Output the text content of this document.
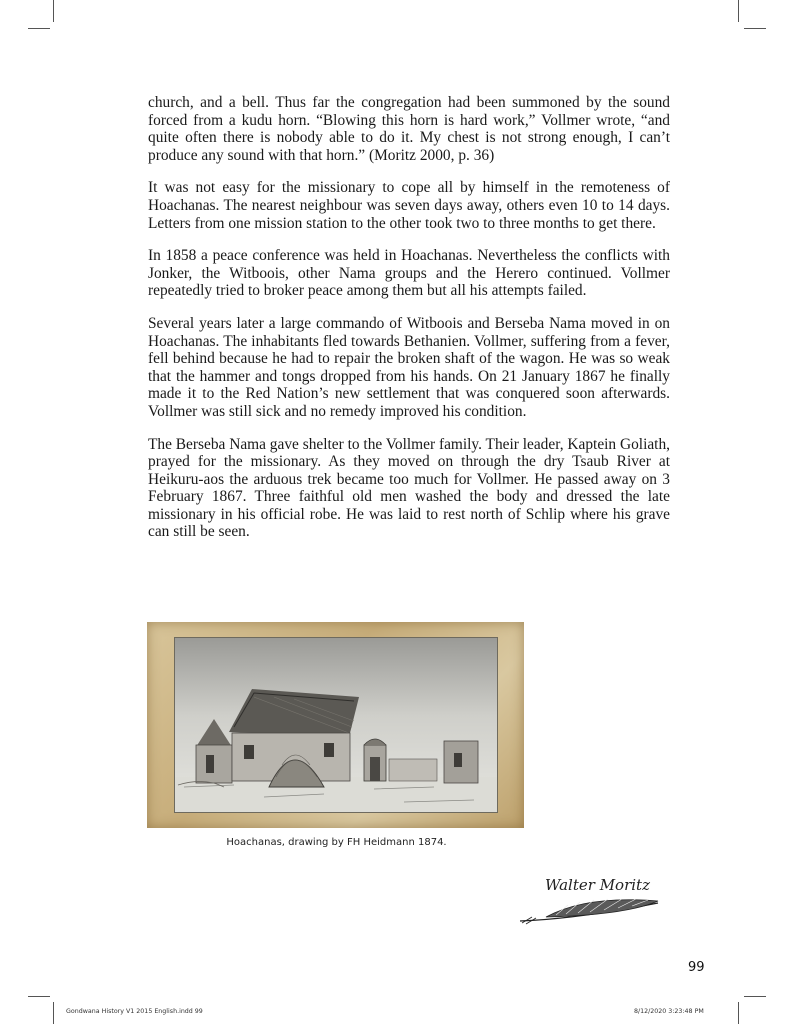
church, and a bell. Thus far the congregation had been summoned by the sound forced from a kudu horn. “Blowing this horn is hard work,” Vollmer wrote, “and quite often there is nobody able to do it. My chest is not strong enough, I can’t produce any sound with that horn.” (Moritz 2000, p. 36)

It was not easy for the missionary to cope all by himself in the remoteness of Hoachanas. The nearest neighbour was seven days away, others even 10 to 14 days. Letters from one mission station to the other took two to three months to get there.

In 1858 a peace conference was held in Hoachanas. Nevertheless the conflicts with Jonker, the Witboois, other Nama groups and the Herero continued. Vollmer repeatedly tried to broker peace among them but all his attempts failed.

Several years later a large commando of Witboois and Berseba Nama moved in on Hoachanas. The inhabitants fled towards Bethanien. Vollmer, suffering from a fever, fell behind because he had to repair the broken shaft of the wagon. He was so weak that the hammer and tongs dropped from his hands. On 21 January 1867 he finally made it to the Red Nation’s new settlement that was conquered soon afterwards. Vollmer was still sick and no remedy improved his condition.

The Berseba Nama gave shelter to the Vollmer family. Their leader, Kaptein Goliath, prayed for the missionary. As they moved on through the dry Tsaub River at Heikuru-aos the arduous trek became too much for Vollmer. He passed away on 3 February 1867. Three faithful old men washed the body and dressed the late missionary in his official robe. He was laid to rest north of Schlip where his grave can still be seen.

Hoachanas, drawing by FH Heidmann 1874.
Walter Moritz
99
Gondwana History V1 2015 English.indd 99	8/12/2020 3:23:48 PM
